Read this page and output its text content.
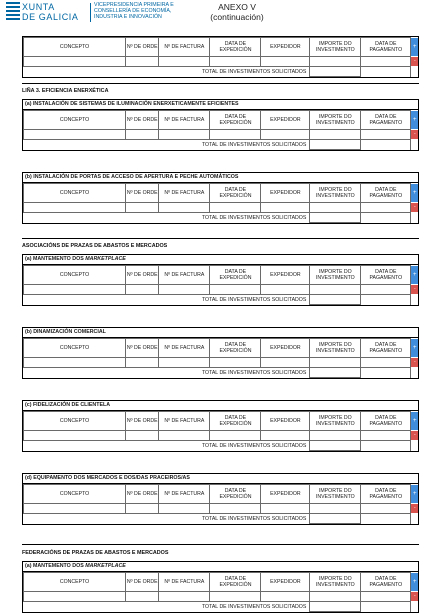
XUNTA
DE GALICIA
VICEPRESIDENCIA PRIMEIRA E
CONSELLERÍA DE ECONOMÍA,
INDUSTRIA E INNOVACIÓN
ANEXO V
(continuación)
CONCEPTO	Nº DE ORDE	Nº DE FACTURA	DATA DE EXPEDICIÓN	EXPEDIDOR	IMPORTE DO INVESTIMENTO	DATA DE PAGAMENTO	+

							-

TOTAL DE INVESTIMENTOS SOLICITADOS							
LIÑA 3. EFICIENCIA ENERXÉTICA
(a) INSTALACIÓN DE SISTEMAS DE ILUMINACIÓN ENERXETICAMENTE EFICIENTES
CONCEPTO	Nº DE ORDE	Nº DE FACTURA	DATA DE EXPEDICIÓN	EXPEDIDOR	IMPORTE DO INVESTIMENTO	DATA DE PAGAMENTO	+

							-

TOTAL DE INVESTIMENTOS SOLICITADOS							
(b) INSTALACIÓN DE PORTAS DE ACCESO DE APERTURA E PECHE AUTOMÁTICOS
CONCEPTO	Nº DE ORDE	Nº DE FACTURA	DATA DE EXPEDICIÓN	EXPEDIDOR	IMPORTE DO INVESTIMENTO	DATA DE PAGAMENTO	+

							-

TOTAL DE INVESTIMENTOS SOLICITADOS							
ASOCIACIÓNS DE PRAZAS DE ABASTOS E MERCADOS
(a) MANTEMENTO DOS MARKETPLACE
CONCEPTO	Nº DE ORDE	Nº DE FACTURA	DATA DE EXPEDICIÓN	EXPEDIDOR	IMPORTE DO INVESTIMENTO	DATA DE PAGAMENTO	+

							-

TOTAL DE INVESTIMENTOS SOLICITADOS							
(b) DINAMIZACIÓN COMERCIAL
CONCEPTO	Nº DE ORDE	Nº DE FACTURA	DATA DE EXPEDICIÓN	EXPEDIDOR	IMPORTE DO INVESTIMENTO	DATA DE PAGAMENTO	+

							-

TOTAL DE INVESTIMENTOS SOLICITADOS							
(c) FIDELIZACIÓN DE CLIENTELA
CONCEPTO	Nº DE ORDE	Nº DE FACTURA	DATA DE EXPEDICIÓN	EXPEDIDOR	IMPORTE DO INVESTIMENTO	DATA DE PAGAMENTO	+

							-

TOTAL DE INVESTIMENTOS SOLICITADOS							
(d) EQUIPAMENTO DOS MERCADOS E DOS/DAS PRACEIROS/AS
CONCEPTO	Nº DE ORDE	Nº DE FACTURA	DATA DE EXPEDICIÓN	EXPEDIDOR	IMPORTE DO INVESTIMENTO	DATA DE PAGAMENTO	+

							-

TOTAL DE INVESTIMENTOS SOLICITADOS							
FEDERACIÓNS DE PRAZAS DE ABASTOS E MERCADOS
(a) MANTEMENTO DOS MARKETPLACE
CONCEPTO	Nº DE ORDE	Nº DE FACTURA	DATA DE EXPEDICIÓN	EXPEDIDOR	IMPORTE DO INVESTIMENTO	DATA DE PAGAMENTO	+

							-

TOTAL DE INVESTIMENTOS SOLICITADOS							
